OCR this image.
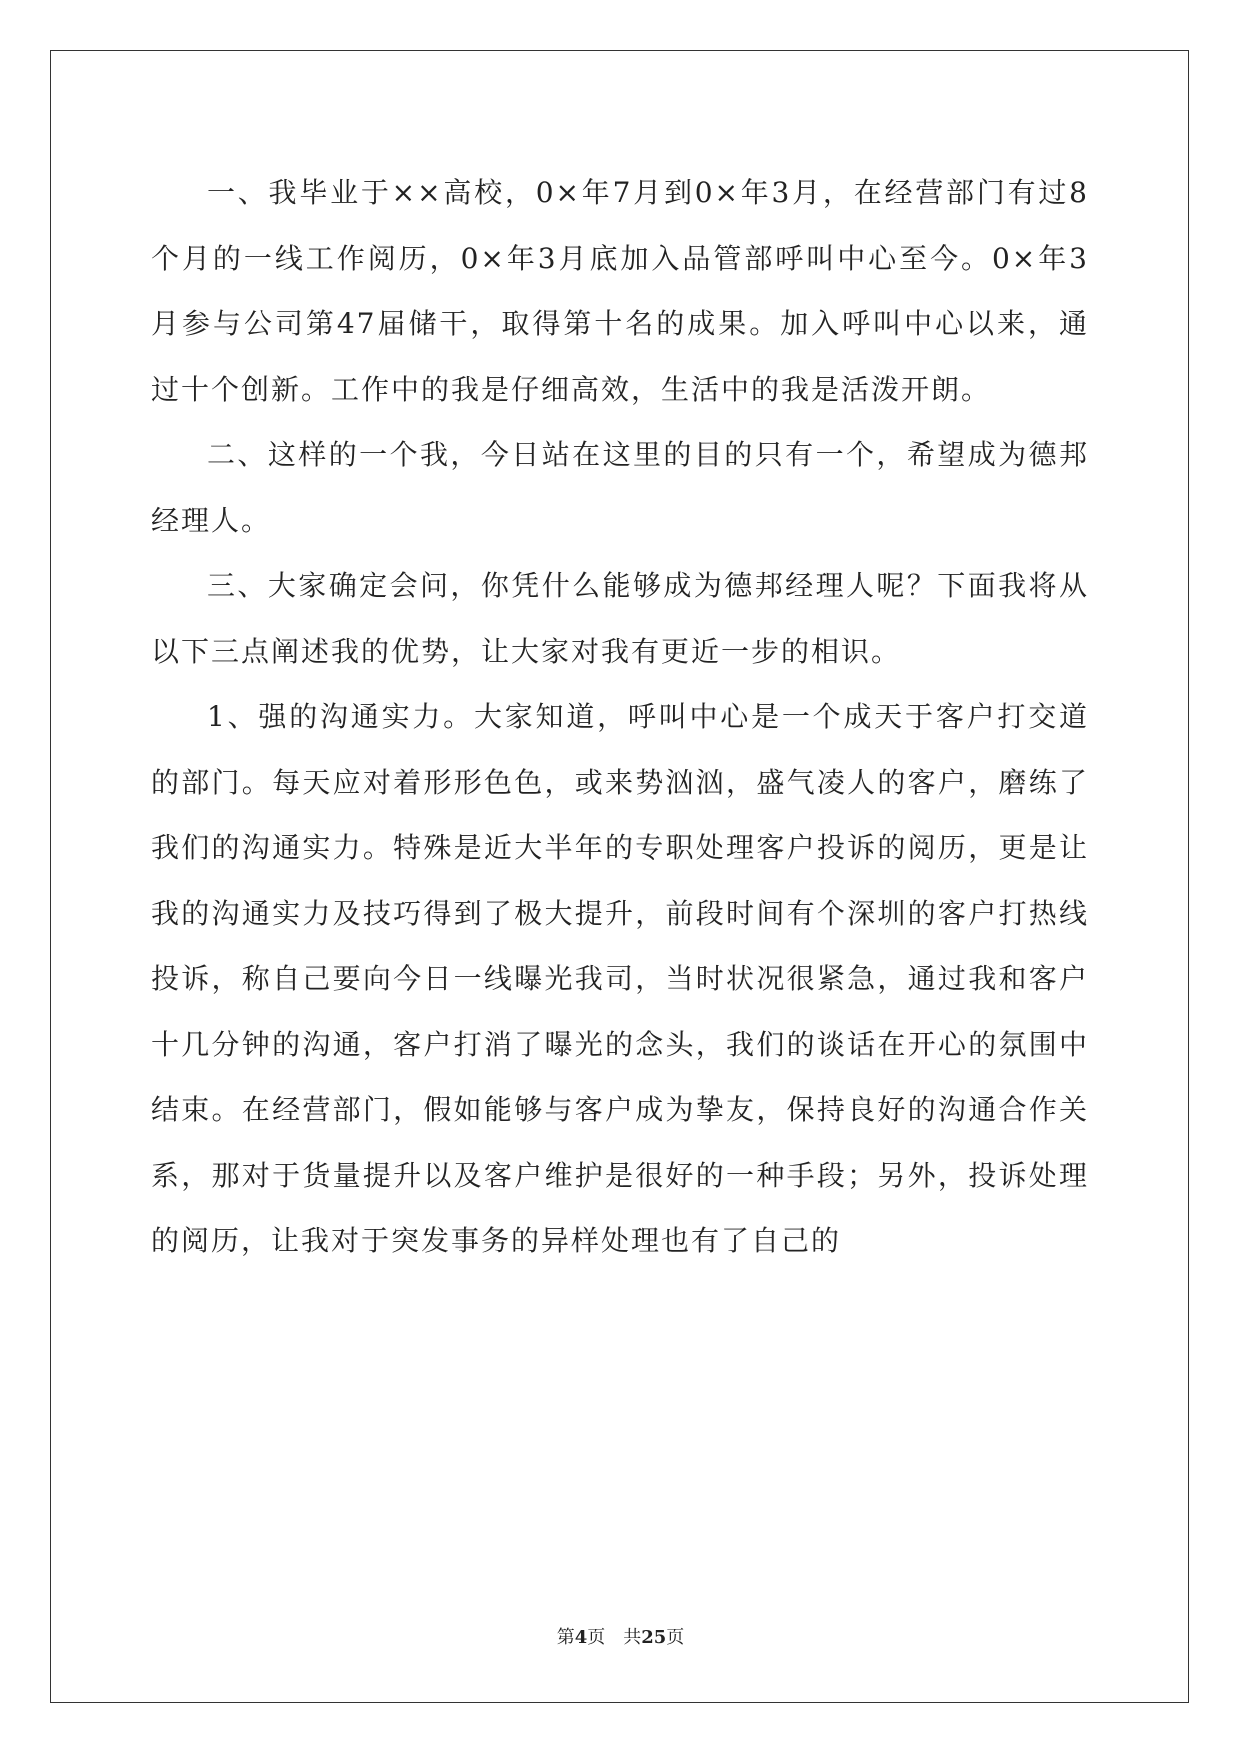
一、我毕业于××高校，0×年7月到0×年3月，在经营部门有过8个月的一线工作阅历，0×年3月底加入品管部呼叫中心至今。0×年3月参与公司第47届储干，取得第十名的成果。加入呼叫中心以来，通过十个创新。工作中的我是仔细高效，生活中的我是活泼开朗。

二、这样的一个我，今日站在这里的目的只有一个，希望成为德邦经理人。

三、大家确定会问，你凭什么能够成为德邦经理人呢？下面我将从以下三点阐述我的优势，让大家对我有更近一步的相识。

1、强的沟通实力。大家知道，呼叫中心是一个成天于客户打交道的部门。每天应对着形形色色，或来势汹汹，盛气凌人的客户，磨练了我们的沟通实力。特殊是近大半年的专职处理客户投诉的阅历，更是让我的沟通实力及技巧得到了极大提升，前段时间有个深圳的客户打热线投诉，称自己要向今日一线曝光我司，当时状况很紧急，通过我和客户十几分钟的沟通，客户打消了曝光的念头，我们的谈话在开心的氛围中结束。在经营部门，假如能够与客户成为挚友，保持良好的沟通合作关系，那对于货量提升以及客户维护是很好的一种手段；另外，投诉处理的阅历，让我对于突发事务的异样处理也有了自己的

第4页 共25页
